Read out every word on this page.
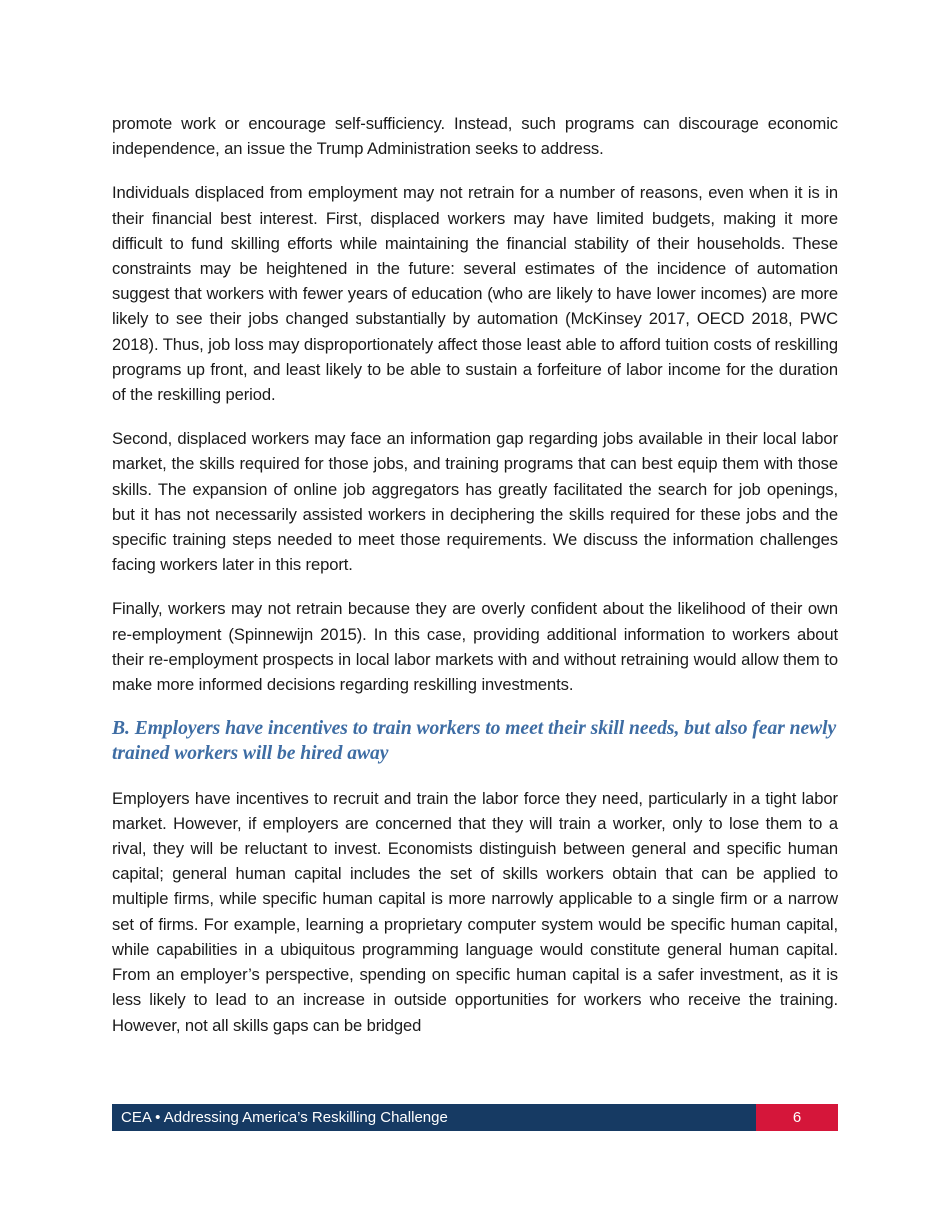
promote work or encourage self-sufficiency. Instead, such programs can discourage economic independence, an issue the Trump Administration seeks to address.

Individuals displaced from employment may not retrain for a number of reasons, even when it is in their financial best interest. First, displaced workers may have limited budgets, making it more difficult to fund skilling efforts while maintaining the financial stability of their households. These constraints may be heightened in the future: several estimates of the incidence of automation suggest that workers with fewer years of education (who are likely to have lower incomes) are more likely to see their jobs changed substantially by automation (McKinsey 2017, OECD 2018, PWC 2018). Thus, job loss may disproportionately affect those least able to afford tuition costs of reskilling programs up front, and least likely to be able to sustain a forfeiture of labor income for the duration of the reskilling period.

Second, displaced workers may face an information gap regarding jobs available in their local labor market, the skills required for those jobs, and training programs that can best equip them with those skills. The expansion of online job aggregators has greatly facilitated the search for job openings, but it has not necessarily assisted workers in deciphering the skills required for these jobs and the specific training steps needed to meet those requirements. We discuss the information challenges facing workers later in this report.

Finally, workers may not retrain because they are overly confident about the likelihood of their own re-employment (Spinnewijn 2015). In this case, providing additional information to workers about their re-employment prospects in local labor markets with and without retraining would allow them to make more informed decisions regarding reskilling investments.

B. Employers have incentives to train workers to meet their skill needs, but also fear newly trained workers will be hired away

Employers have incentives to recruit and train the labor force they need, particularly in a tight labor market. However, if employers are concerned that they will train a worker, only to lose them to a rival, they will be reluctant to invest. Economists distinguish between general and specific human capital; general human capital includes the set of skills workers obtain that can be applied to multiple firms, while specific human capital is more narrowly applicable to a single firm or a narrow set of firms. For example, learning a proprietary computer system would be specific human capital, while capabilities in a ubiquitous programming language would constitute general human capital. From an employer’s perspective, spending on specific human capital is a safer investment, as it is less likely to lead to an increase in outside opportunities for workers who receive the training. However, not all skills gaps can be bridged

CEA • Addressing America’s Reskilling Challenge	6
